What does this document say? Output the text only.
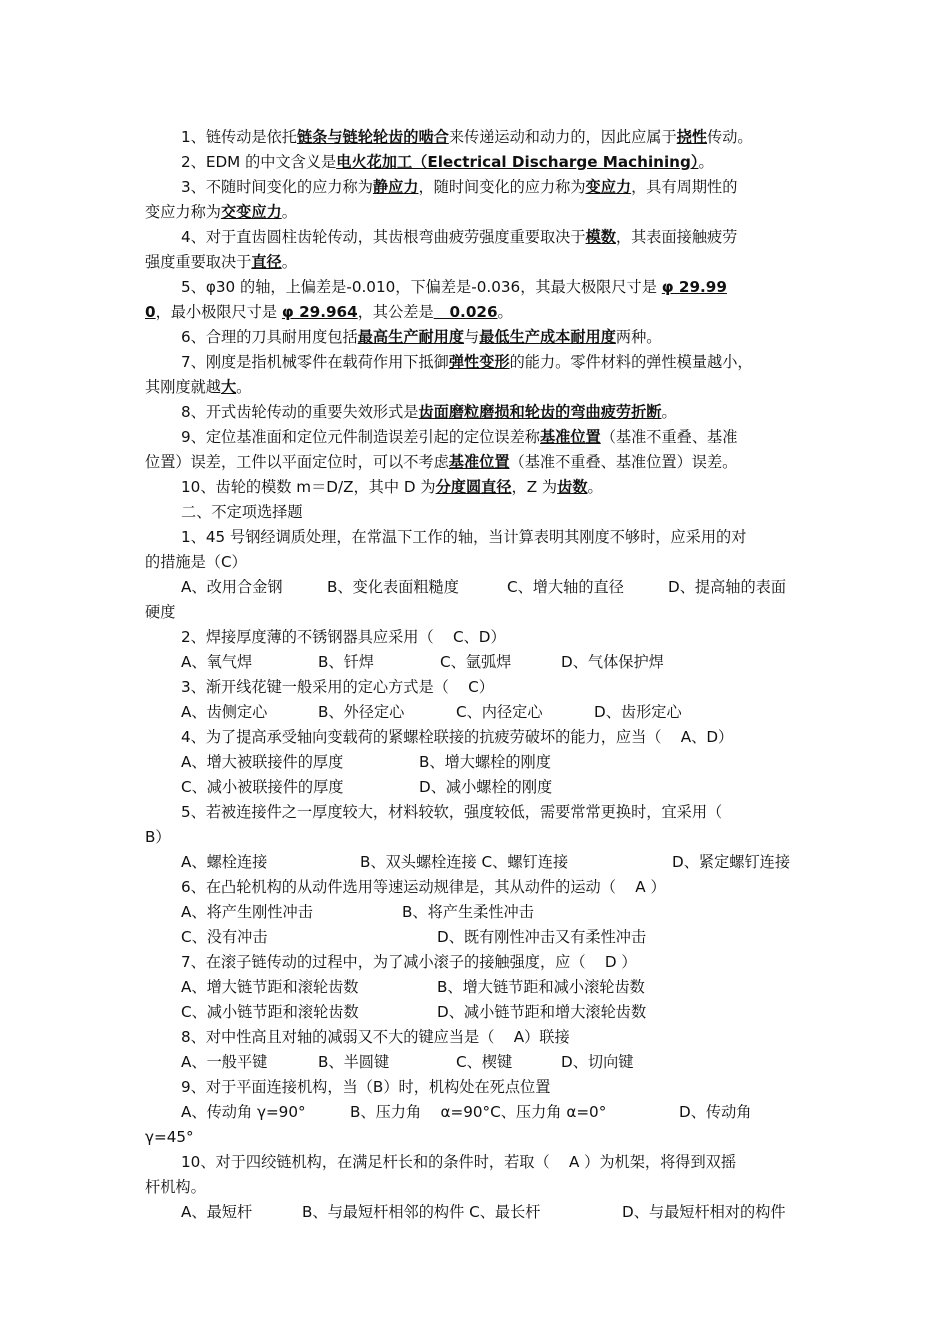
1、链传动是依托链条与链轮轮齿的啮合来传递运动和动力的，因此应属于挠性传动。
2、EDM 的中文含义是电火花加工（Electrical Discharge Machining）。
3、不随时间变化的应力称为静应力，随时间变化的应力称为变应力，具有周期性的
变应力称为交变应力。
4、对于直齿圆柱齿轮传动，其齿根弯曲疲劳强度重要取决于模数，其表面接触疲劳
强度重要取决于直径。
5、φ30 的轴，上偏差是-0.010，下偏差是-0.036，其最大极限尺寸是 φ 29.99
0，最小极限尺寸是 φ 29.964，其公差是   0.026。
6、合理的刀具耐用度包括最高生产耐用度与最低生产成本耐用度两种。
7、刚度是指机械零件在载荷作用下抵御弹性变形的能力。零件材料的弹性模量越小，
其刚度就越大。
8、开式齿轮传动的重要失效形式是齿面磨粒磨损和轮齿的弯曲疲劳折断。
9、定位基准面和定位元件制造误差引起的定位误差称基准位置（基准不重叠、基准
位置）误差，工件以平面定位时，可以不考虑基准位置（基准不重叠、基准位置）误差。
10、齿轮的模数 m＝D/Z，其中 D 为分度圆直径，Z 为齿数。
二、不定项选择题
1、45 号钢经调质处理，在常温下工作的轴，当计算表明其刚度不够时，应采用的对
的措施是（C）
A、改用合金钢	B、变化表面粗糙度	C、增大轴的直径	D、提高轴的表面
硬度
2、焊接厚度薄的不锈钢器具应采用（    C、D）
A、氧气焊	B、钎焊	C、氩弧焊	D、气体保护焊
3、渐开线花键一般采用的定心方式是（    C）
A、齿侧定心	B、外径定心	C、内径定心	D、齿形定心
4、为了提高承受轴向变载荷的紧螺栓联接的抗疲劳破坏的能力，应当（    A、D）
A、增大被联接件的厚度	B、增大螺栓的刚度
C、减小被联接件的厚度	D、减小螺栓的刚度
5、若被连接件之一厚度较大，材料较软，强度较低，需要常常更换时，宜采用（
B）
A、螺栓连接	B、双头螺栓连接 C、螺钉连接	D、紧定螺钉连接
6、在凸轮机构的从动件选用等速运动规律是，其从动件的运动（    A ）
A、将产生刚性冲击	B、将产生柔性冲击
C、没有冲击	D、既有刚性冲击又有柔性冲击
7、在滚子链传动的过程中，为了减小滚子的接触强度，应（    D ）
A、增大链节距和滚轮齿数	B、增大链节距和减小滚轮齿数
C、减小链节距和滚轮齿数	D、减小链节距和增大滚轮齿数
8、对中性高且对轴的减弱又不大的键应当是（    A）联接
A、一般平键	B、半圆键	C、楔键	D、切向键
9、对于平面连接机构，当（B）时，机构处在死点位置
A、传动角 γ=90°	B、压力角    α=90°C、压力角 α=0°	D、传动角
γ=45°
10、对于四绞链机构，在满足杆长和的条件时，若取（    A ）为机架，将得到双摇
杆机构。
A、最短杆	B、与最短杆相邻的构件 C、最长杆	D、与最短杆相对的构件
